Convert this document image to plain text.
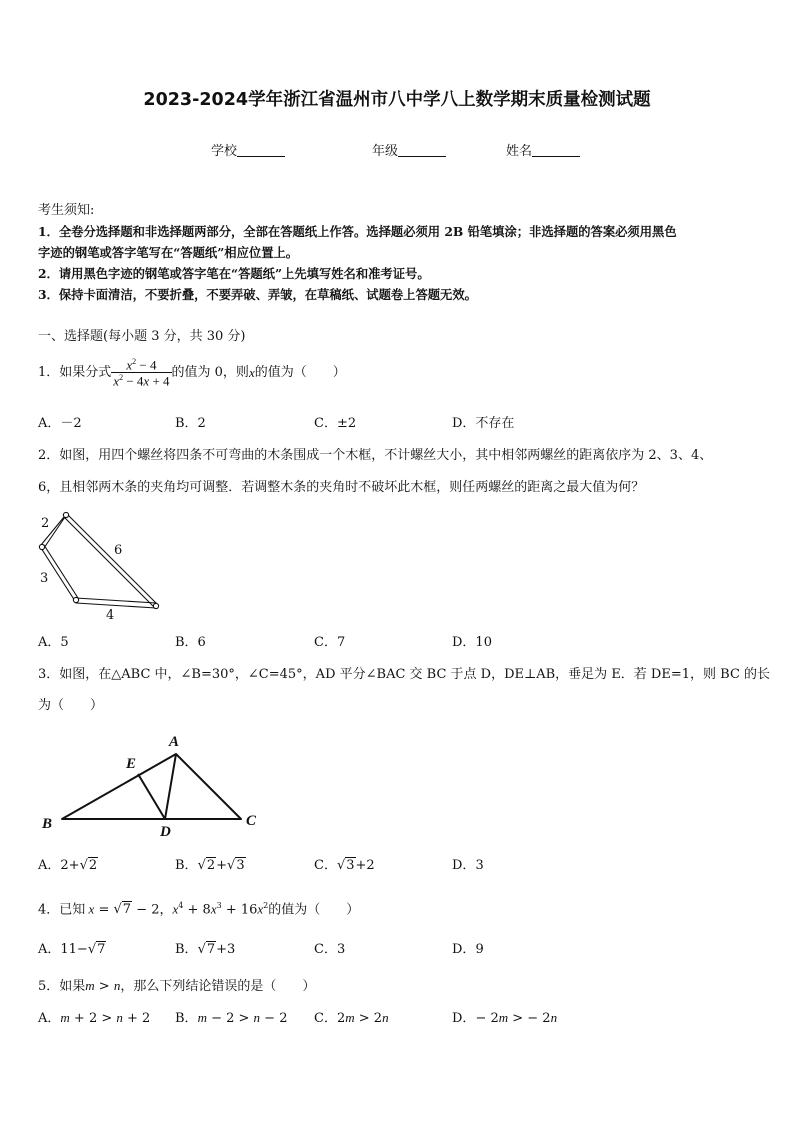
2023-2024学年浙江省温州市八中学八上数学期末质量检测试题
学校	年级	姓名
考生须知:
1．全卷分选择题和非选择题两部分，全部在答题纸上作答。选择题必须用 2B 铅笔填涂；非选择题的答案必须用黑色
字迹的钢笔或答字笔写在“答题纸”相应位置上。
2．请用黑色字迹的钢笔或答字笔在“答题纸”上先填写姓名和准考证号。
3．保持卡面清洁，不要折叠，不要弄破、弄皱，在草稿纸、试题卷上答题无效。
一、选择题(每小题 3 分，共 30 分)
1．如果分式 $\frac{x^2 - 4}{x^2 - 4x + 4}$ 的值为 0，则 x 的值为（　　）
A．－2	B．2	C．±2	D．不存在
2．如图，用四个螺丝将四条不可弯曲的木条围成一个木框，不计螺丝大小，其中相邻两螺丝的距离依序为 2、3、4、
6，且相邻两木条的夹角均可调整．若调整木条的夹角时不破坏此木框，则任两螺丝的距离之最大值为何？
2
6
3
4
A．5	B．6	C．7	D．10
3．如图，在△ABC 中，∠B=30°，∠C=45°，AD 平分∠BAC 交 BC 于点 D，DE⊥AB，垂足为 E．若 DE=1，则 BC 的长
为（　　）
A
E
B	D
C
A．2+√2	B．√2+√3	C．√3+2	D．3
4．已知 x = √7 − 2，$x^4 + 8x^3 + 16x^2$的值为（　　）
A．11−√7	B．√7+3	C．3	D．9
5．如果m > n，那么下列结论错误的是（　　）
A．m + 2 > n + 2 B．m − 2 > n − 2 C．2m > 2n	D．− 2m > − 2n
